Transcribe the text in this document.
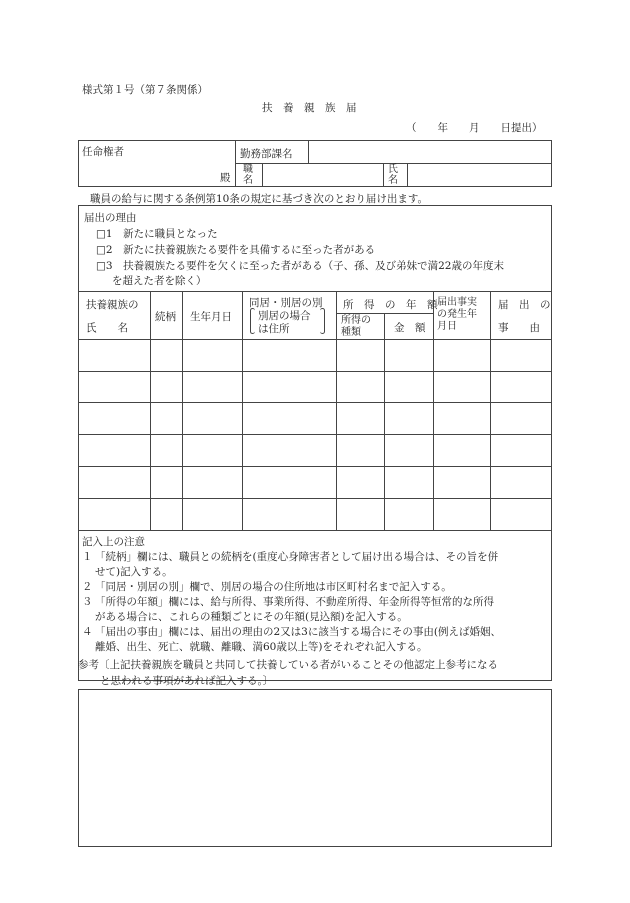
様式第１号（第７条関係）
扶　養　親　族　届
（　　年　　月　　日提出）
任命権者
殿
勤務部課名
職名
氏名
職員の給与に関する条例第10条の規定に基づき次のとおり届け出ます。
届出の理由
□1　新たに職員となった
□2　新たに扶養親族たる要件を具備するに至った者がある
□3　扶養親族たる要件を欠くに至った者がある（子、孫、及び弟妹で満22歳の年度末
を超えた者を除く）
扶養親族の
氏　　名
続柄 生年月日
同居・別居の別
別居の場合
は住所
所　得　の　年　額
所得の
種類	金　額
届出事実
の発生年
月日
届　出　の
事　　由
記入上の注意
１ 「続柄」欄には、職員との続柄を(重度心身障害者として届け出る場合は、その旨を併
せて)記入する。
２ 「同居・別居の別」欄で、別居の場合の住所地は市区町村名まで記入する。
３ 「所得の年額」欄には、給与所得、事業所得、不動産所得、年金所得等恒常的な所得
がある場合に、これらの種類ごとにその年額(見込額)を記入する。
４ 「届出の事由」欄には、届出の理由の2又は3に該当する場合にその事由(例えば婚姻、
離婚、出生、死亡、就職、離職、満60歳以上等)をそれぞれ記入する。
参考〔上記扶養親族を職員と共同して扶養している者がいることその他認定上参考になる
と思われる事項があれば記入する。〕
